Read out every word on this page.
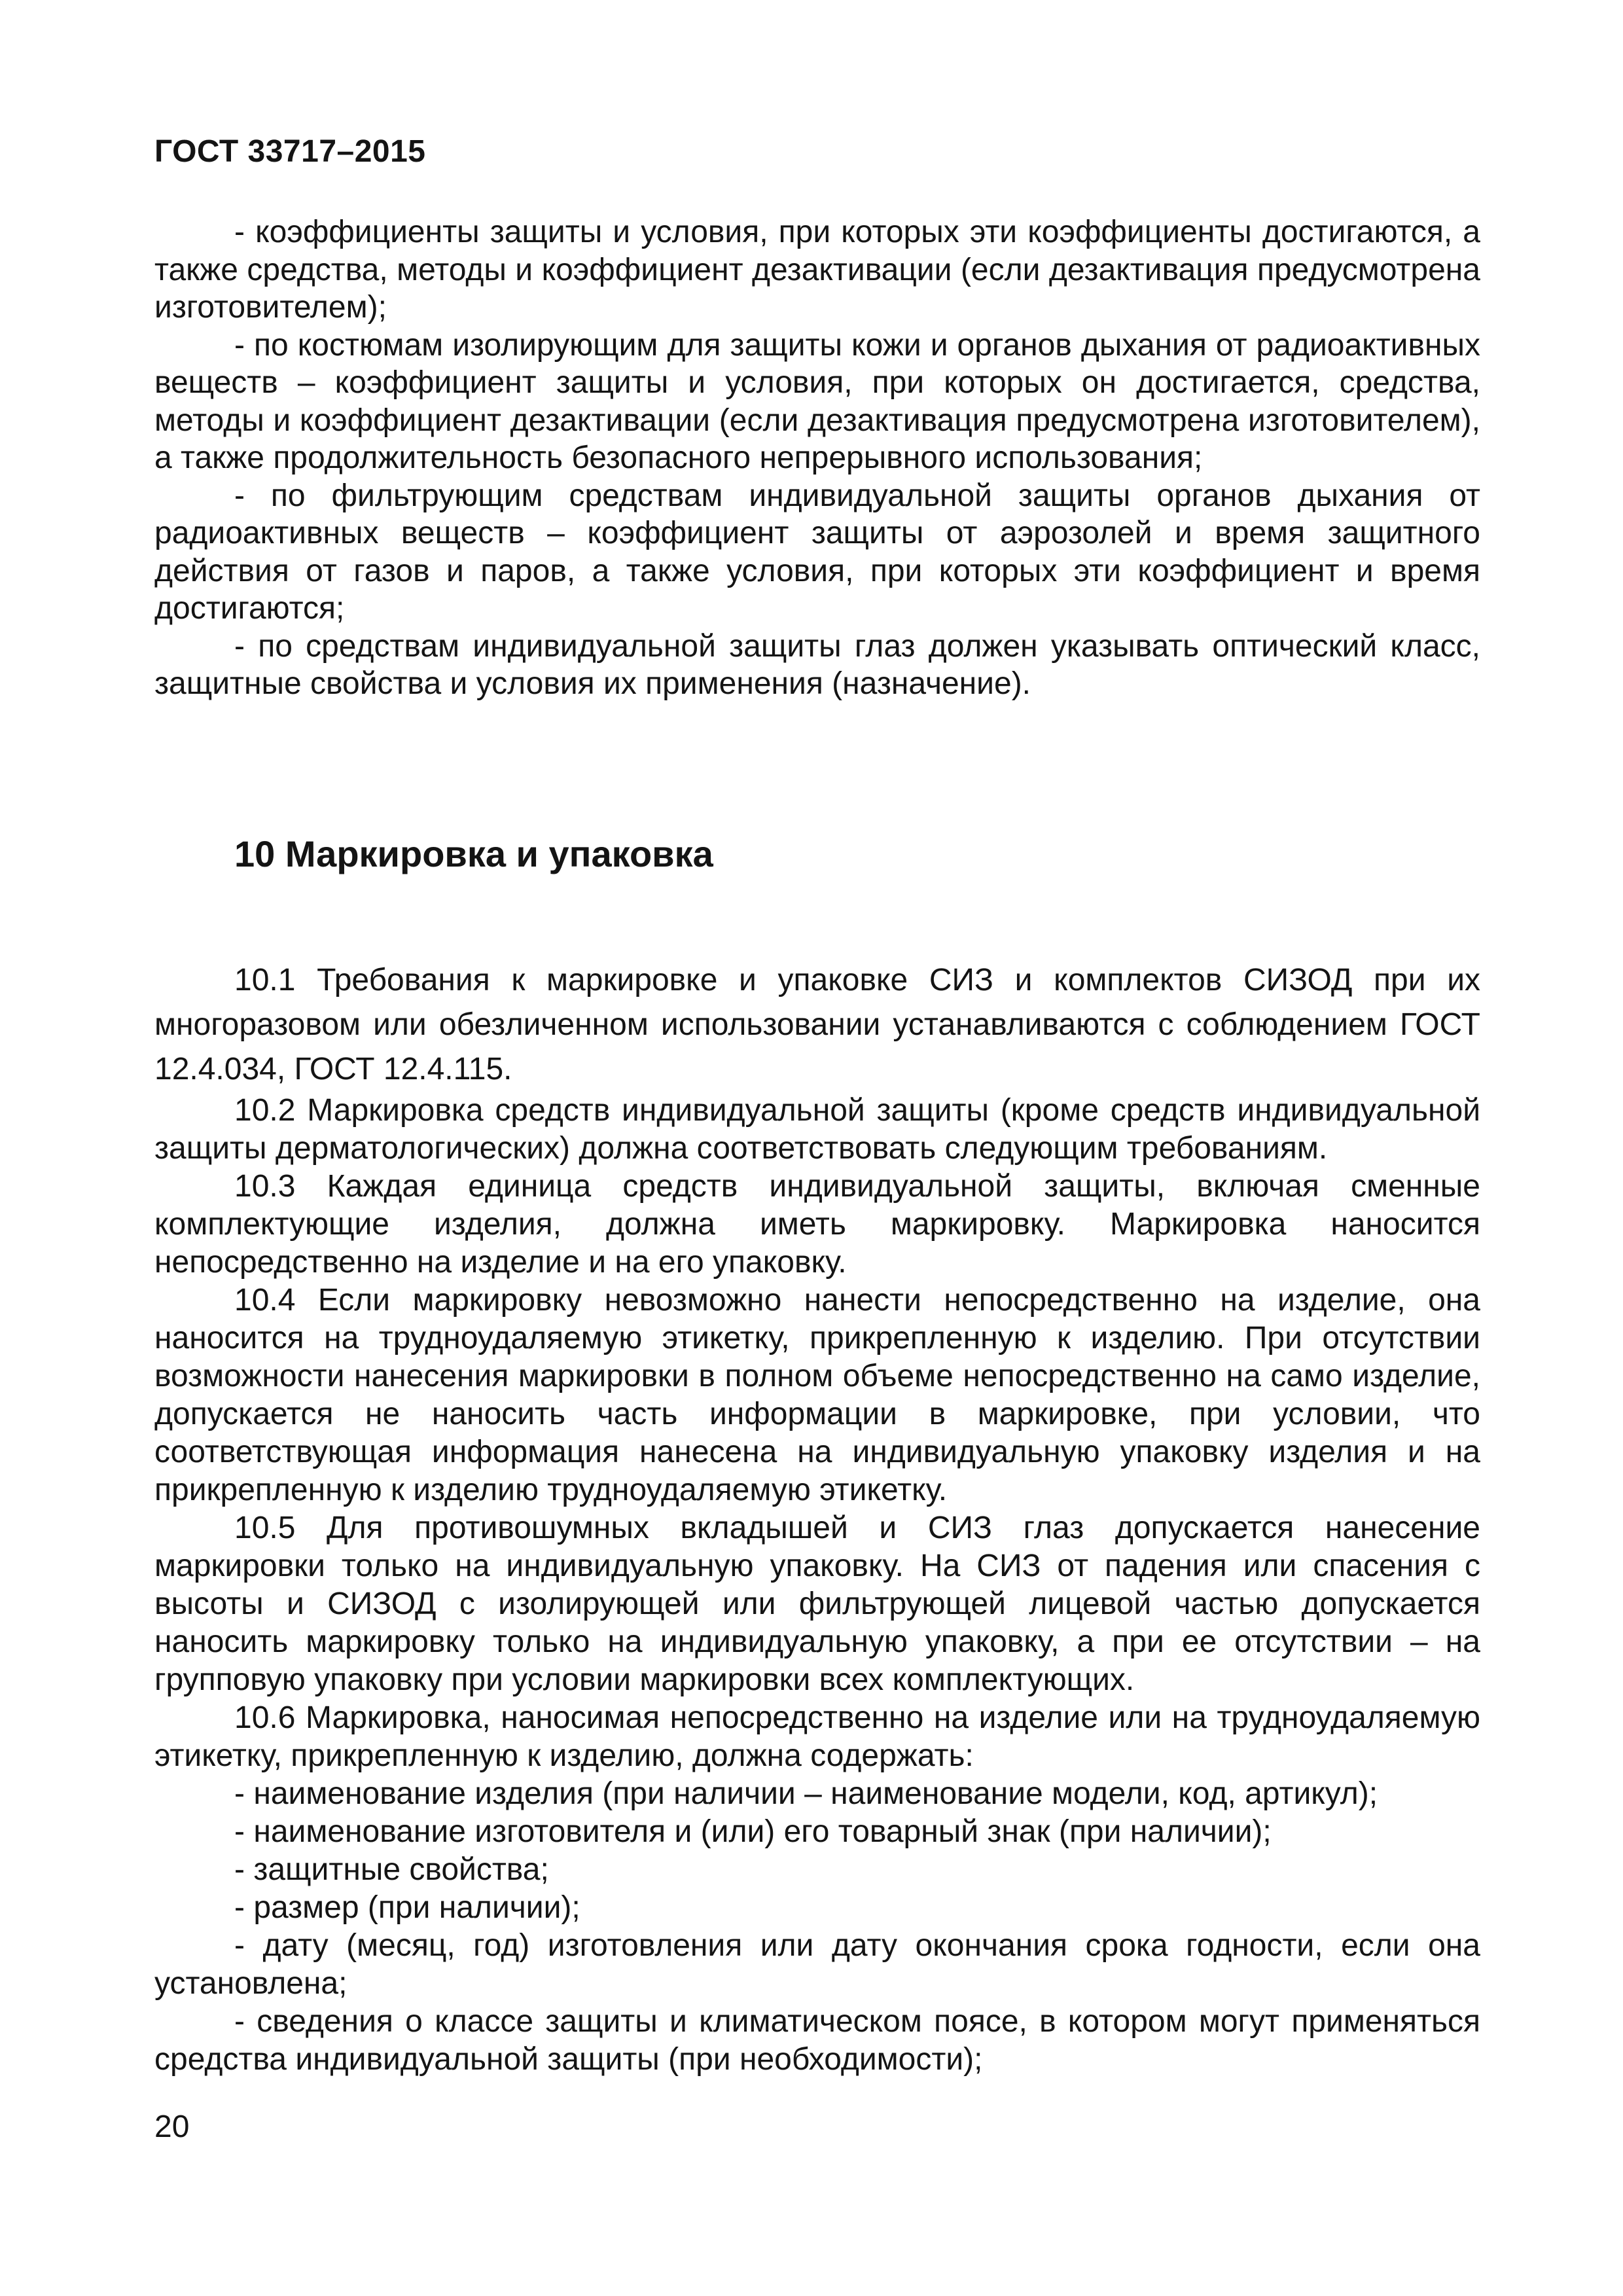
ГОСТ 33717–2015

- коэффициенты защиты и условия, при которых эти коэффициенты достигаются, а также средства, методы и коэффициент дезактивации (если дезактивация предусмотрена изготовителем);

- по костюмам изолирующим для защиты кожи и органов дыхания от радиоактивных веществ – коэффициент защиты и условия, при которых он достигается, средства, методы и коэффициент дезактивации (если дезактивация предусмотрена изготовителем), а также продолжительность безопасного непрерывного использования;

- по фильтрующим средствам индивидуальной защиты органов дыхания от радиоактивных веществ – коэффициент защиты от аэрозолей и время защитного действия от газов и паров, а также условия, при которых эти коэффициент и время достигаются;

- по средствам индивидуальной защиты глаз должен указывать оптический класс, защитные свойства и условия их применения (назначение).

10 Маркировка и упаковка

10.1 Требования к маркировке и упаковке СИЗ и комплектов СИЗОД при их многоразовом или обезличенном использовании устанавливаются с соблюдением ГОСТ 12.4.034, ГОСТ 12.4.115.

10.2 Маркировка средств индивидуальной защиты (кроме средств индивидуальной защиты дерматологических) должна соответствовать следующим требованиям.

10.3 Каждая единица средств индивидуальной защиты, включая сменные комплектующие изделия, должна иметь маркировку. Маркировка наносится непосредственно на изделие и на его упаковку.

10.4 Если маркировку невозможно нанести непосредственно на изделие, она наносится на трудноудаляемую этикетку, прикрепленную к изделию. При отсутствии возможности нанесения маркировки в полном объеме непосредственно на само изделие, допускается не наносить часть информации в маркировке, при условии, что соответствующая информация нанесена на индивидуальную упаковку изделия и на прикрепленную к изделию трудноудаляемую этикетку.

10.5 Для противошумных вкладышей и СИЗ глаз допускается нанесение маркировки только на индивидуальную упаковку. На СИЗ от падения или спасения с высоты и СИЗОД с изолирующей или фильтрующей лицевой частью допускается наносить маркировку только на индивидуальную упаковку, а при ее отсутствии – на групповую упаковку при условии маркировки всех комплектующих.

10.6 Маркировка, наносимая непосредственно на изделие или на трудноудаляемую этикетку, прикрепленную к изделию, должна содержать:

- наименование изделия (при наличии – наименование модели, код, артикул);

- наименование изготовителя и (или) его товарный знак (при наличии);

- защитные свойства;

- размер (при наличии);

- дату (месяц, год) изготовления или дату окончания срока годности, если она установлена;

- сведения о классе защиты и климатическом поясе, в котором могут применяться средства индивидуальной защиты (при необходимости);

20
